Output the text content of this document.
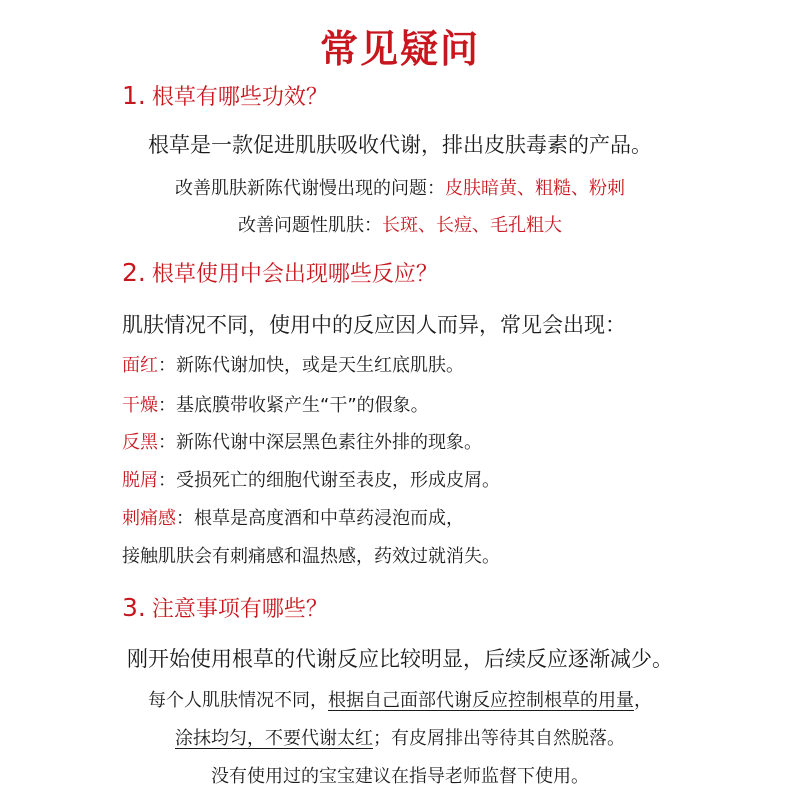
常见疑问
1. 根草有哪些功效？
根草是一款促进肌肤吸收代谢，排出皮肤毒素的产品。
改善肌肤新陈代谢慢出现的问题：皮肤暗黄、粗糙、粉刺
改善问题性肌肤：长斑、长痘、毛孔粗大
2. 根草使用中会出现哪些反应？
肌肤情况不同，使用中的反应因人而异，常见会出现：
面红：新陈代谢加快，或是天生红底肌肤。
干燥：基底膜带收紧产生“干”的假象。
反黑：新陈代谢中深层黑色素往外排的现象。
脱屑：受损死亡的细胞代谢至表皮，形成皮屑。
刺痛感：根草是高度酒和中草药浸泡而成，
接触肌肤会有刺痛感和温热感，药效过就消失。
3. 注意事项有哪些？
刚开始使用根草的代谢反应比较明显，后续反应逐渐减少。
每个人肌肤情况不同，根据自己面部代谢反应控制根草的用量，
涂抹均匀，不要代谢太红；有皮屑排出等待其自然脱落。
没有使用过的宝宝建议在指导老师监督下使用。
